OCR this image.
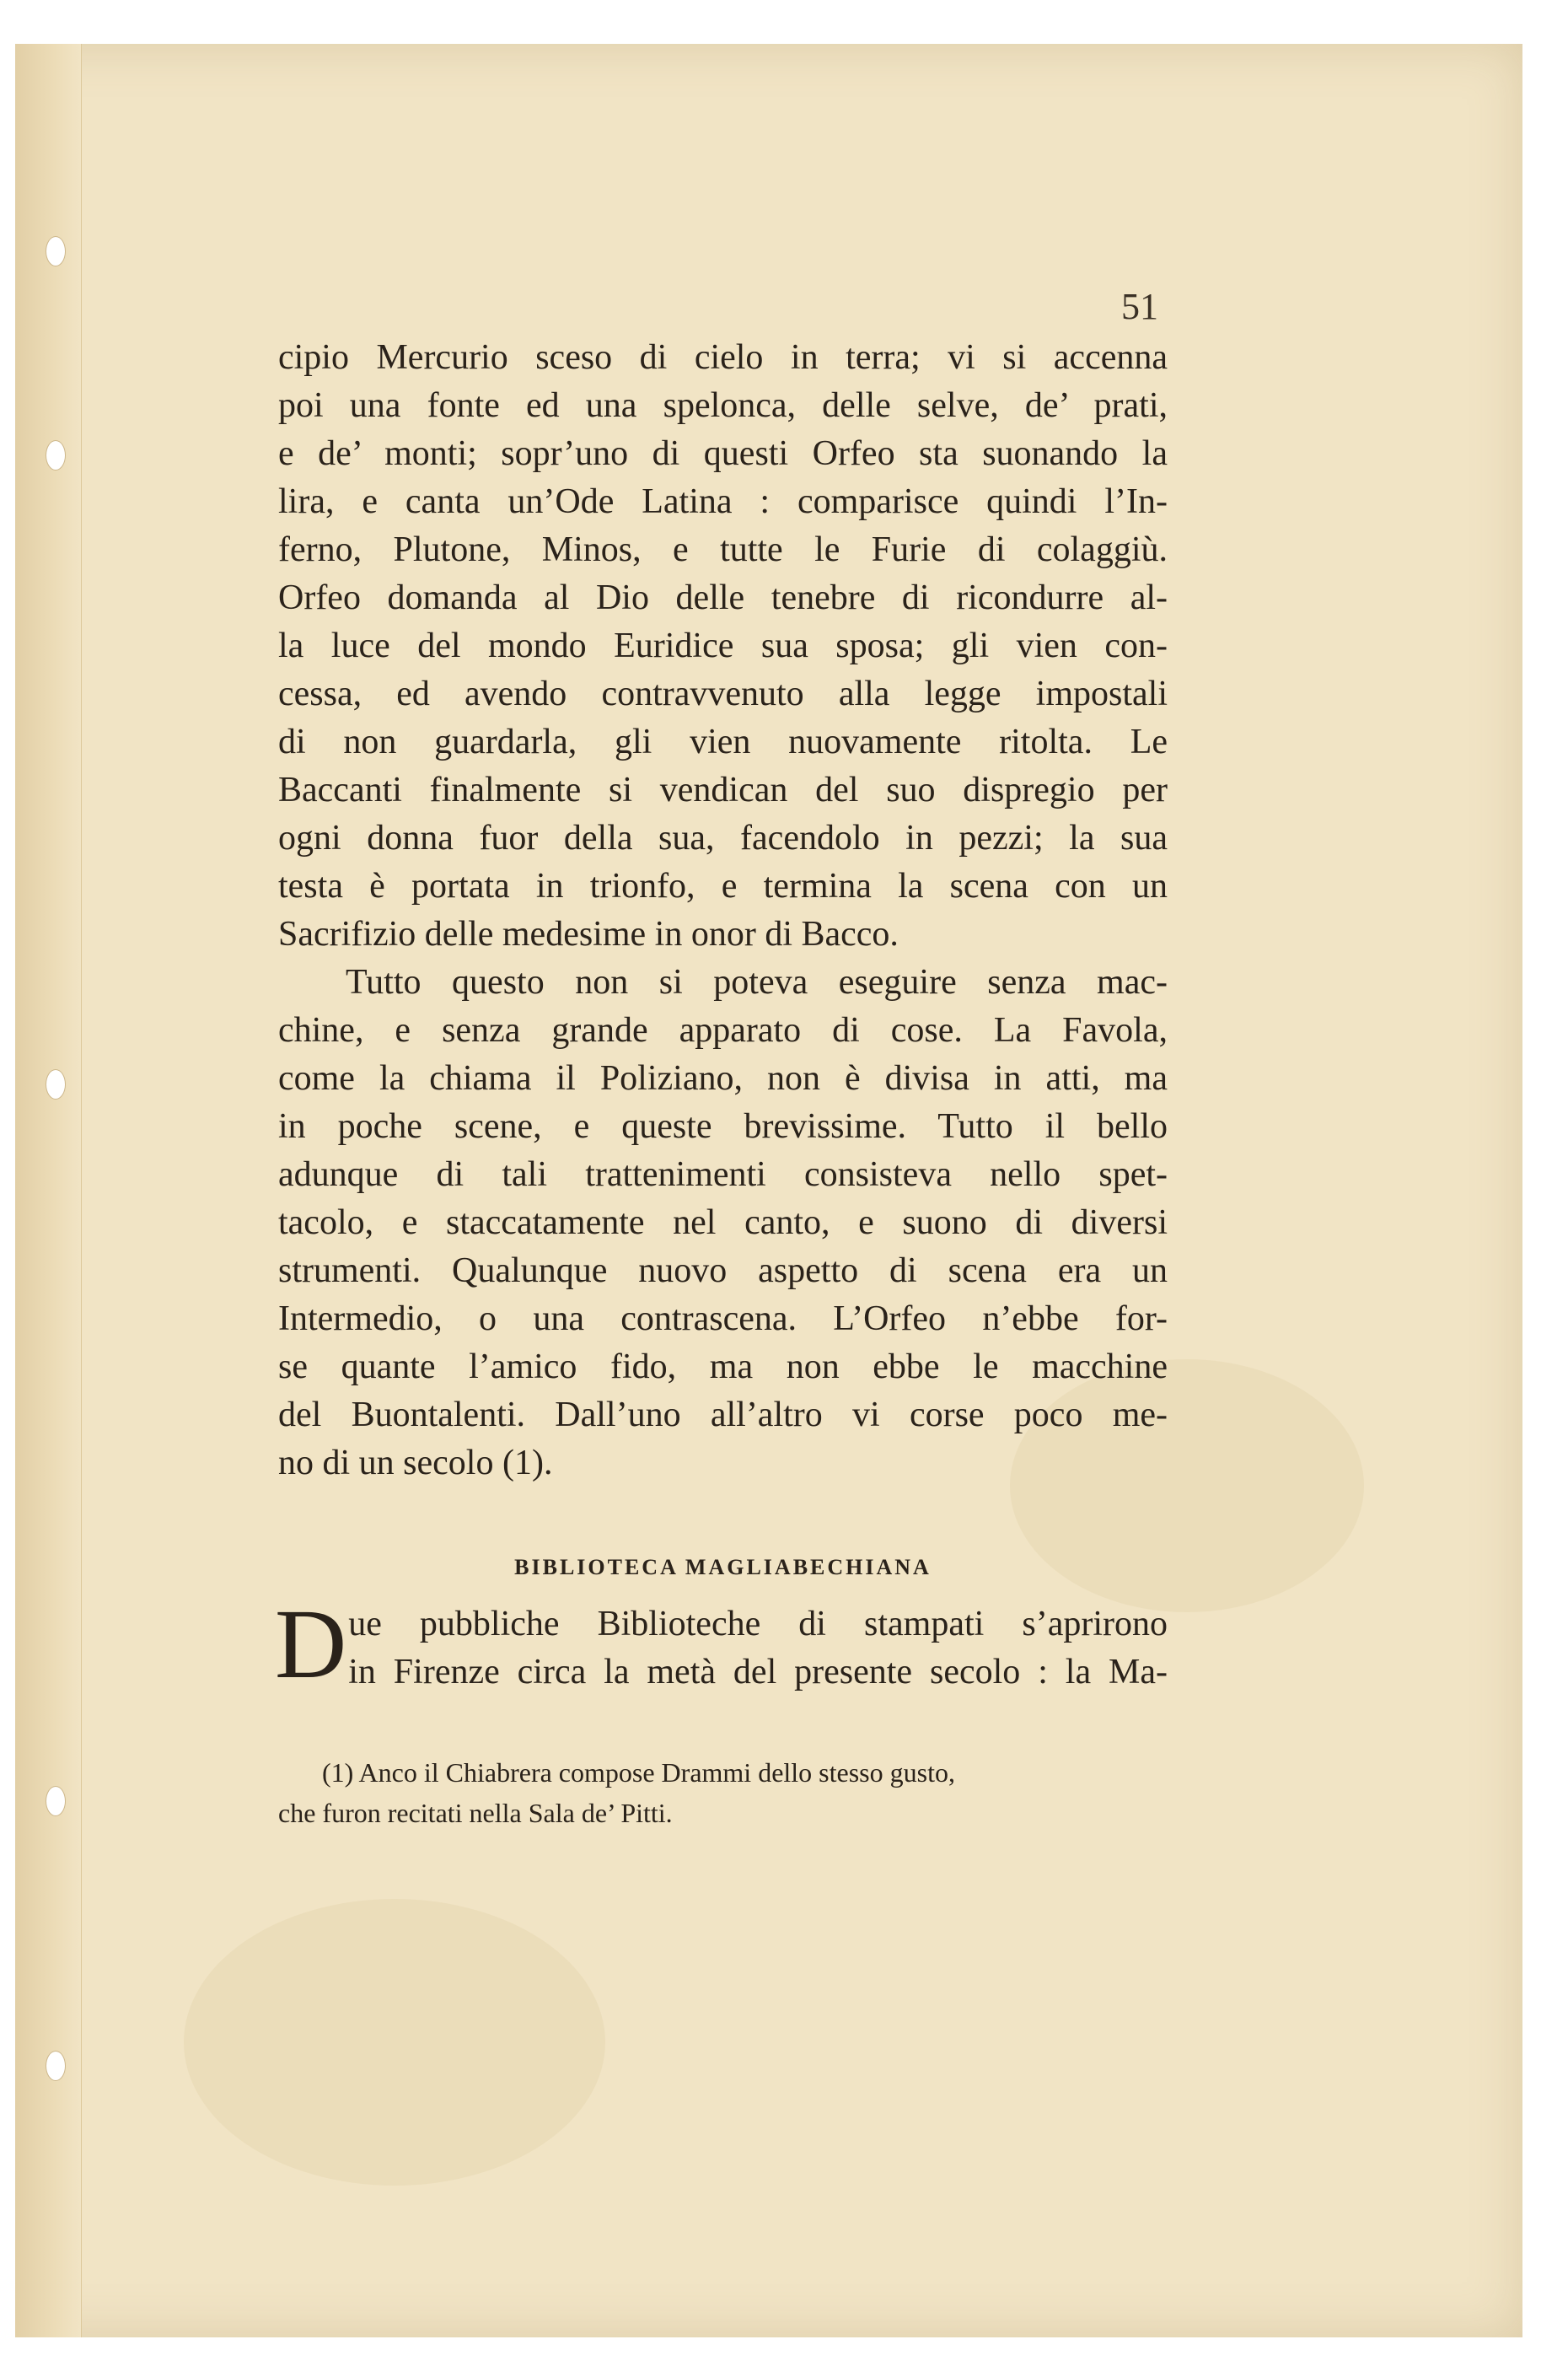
51

cipio Mercurio sceso di cielo in terra; vi si accenna
poi una fonte ed una spelonca, delle selve, de’ prati,
e de’ monti; sopr’uno di questi Orfeo sta suonando la
lira, e canta un’Ode Latina : comparisce quindi l’In-
ferno, Plutone, Minos, e tutte le Furie di colaggiù.
Orfeo domanda al Dio delle tenebre di ricondurre al-
la luce del mondo Euridice sua sposa; gli vien con-
cessa, ed avendo contravvenuto alla legge impostali
di non guardarla, gli vien nuovamente ritolta. Le
Baccanti finalmente si vendican del suo dispregio per
ogni donna fuor della sua, facendolo in pezzi; la sua
testa è portata in trionfo, e termina la scena con un
Sacrifizio delle medesime in onor di Bacco.

Tutto questo non si poteva eseguire senza mac-
chine, e senza grande apparato di cose. La Favola,
come la chiama il Poliziano, non è divisa in atti, ma
in poche scene, e queste brevissime. Tutto il bello
adunque di tali trattenimenti consisteva nello spet-
tacolo, e staccatamente nel canto, e suono di diversi
strumenti. Qualunque nuovo aspetto di scena era un
Intermedio, o una contrascena. L’Orfeo n’ebbe for-
se quante l’amico fido, ma non ebbe le macchine
del Buontalenti. Dall’uno all’altro vi corse poco me-
no di un secolo (1).

BIBLIOTECA MAGLIABECHIANA

D ue pubbliche Biblioteche di stampati s’aprirono
in Firenze circa la metà del presente secolo : la Ma-

(1) Anco il Chiabrera compose Drammi dello stesso gusto,
che furon recitati nella Sala de’ Pitti.
